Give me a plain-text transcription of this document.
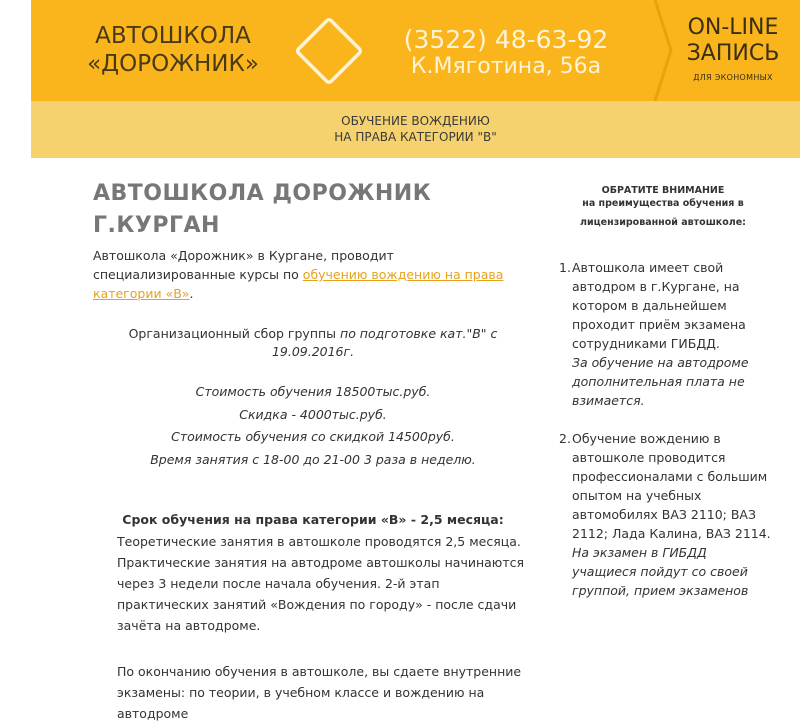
АВТОШКОЛА
«ДОРОЖНИК»
(3522) 48-63-92
К.Мяготина, 56а
ON-LINE
ЗАПИСЬ
ДЛЯ ЭКОНОМНЫХ
ОБУЧЕНИЕ ВОЖДЕНИЮ
НА ПРАВА КАТЕГОРИИ "В"
АВТОШКОЛА ДОРОЖНИК Г.КУРГАН
Автошкола «Дорожник» в Кургане, проводит специализированные курсы по обучению вождению на права категории «В».
Организационный сбор группы по подготовке кат."В" с 19.09.2016г.
Стоимость обучения 18500тыс.руб.
Скидка - 4000тыс.руб.
Стоимость обучения со скидкой 14500руб.
Время занятия с 18-00 до 21-00 3 раза в неделю.
Срок обучения на права категории «В» - 2,5 месяца:
Теоретические занятия в автошколе проводятся 2,5 месяца. Практические занятия на автодроме автошколы начинаются через 3 недели после начала обучения. 2-й этап практических занятий «Вождения по городу» - после сдачи зачёта на автодроме.
По окончанию обучения в автошколе, вы сдаете внутренние экзамены: по теории, в учебном классе и вождению на автодроме
ОБРАТИТЕ ВНИМАНИЕ
на преимущества обучения в
лицензированной автошколе:
1. Автошкола имеет свой автодром в г.Кургане, на котором в дальнейшем проходит приём экзамена сотрудниками ГИБДД.
За обучение на автодроме дополнительная плата не взимается.
2. Обучение вождению в автошколе проводится профессионалами с большим опытом на учебных автомобилях ВАЗ 2110; ВАЗ 2112; Лада Калина, ВАЗ 2114.
На экзамен в ГИБДД учащиеся пойдут со своей группой, прием экзаменов
